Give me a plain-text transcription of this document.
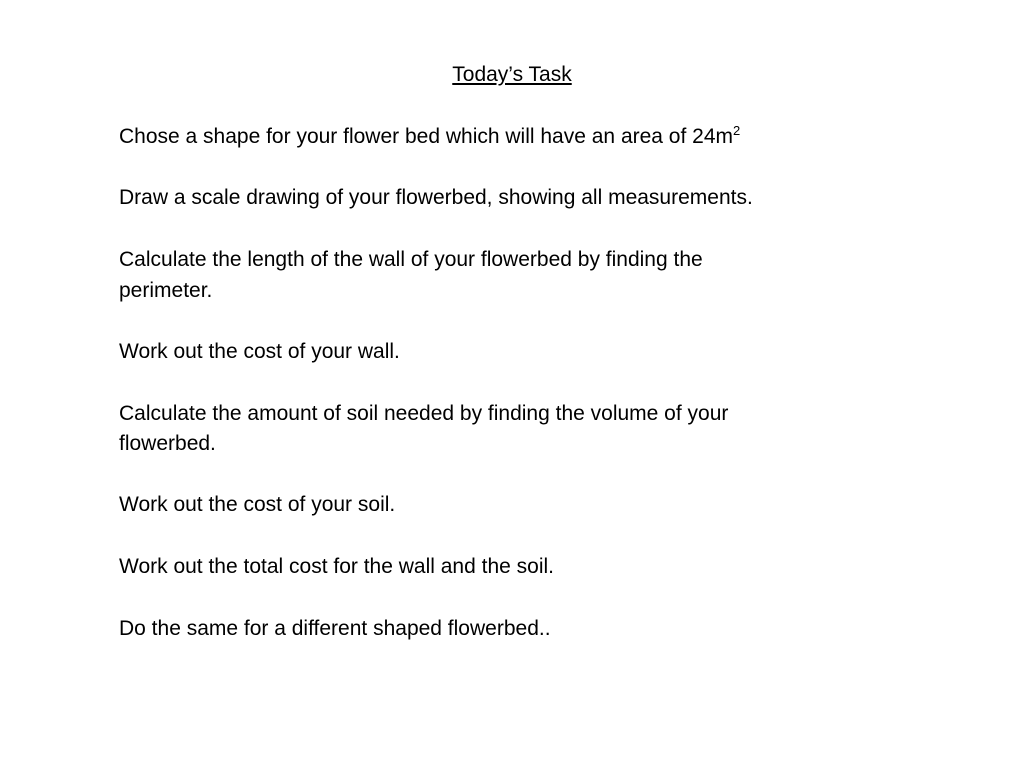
Today’s Task
Chose a shape for your flower bed which will have an area of $24m^2$
Draw a scale drawing of your flowerbed, showing all measurements.
Calculate the length of the wall of your flowerbed by finding the
perimeter.
Work out the cost of your wall.
Calculate the amount of soil needed by finding the volume of your
flowerbed.
Work out the cost of your soil.
Work out the total cost for the wall and the soil.
Do the same for a different shaped flowerbed..
